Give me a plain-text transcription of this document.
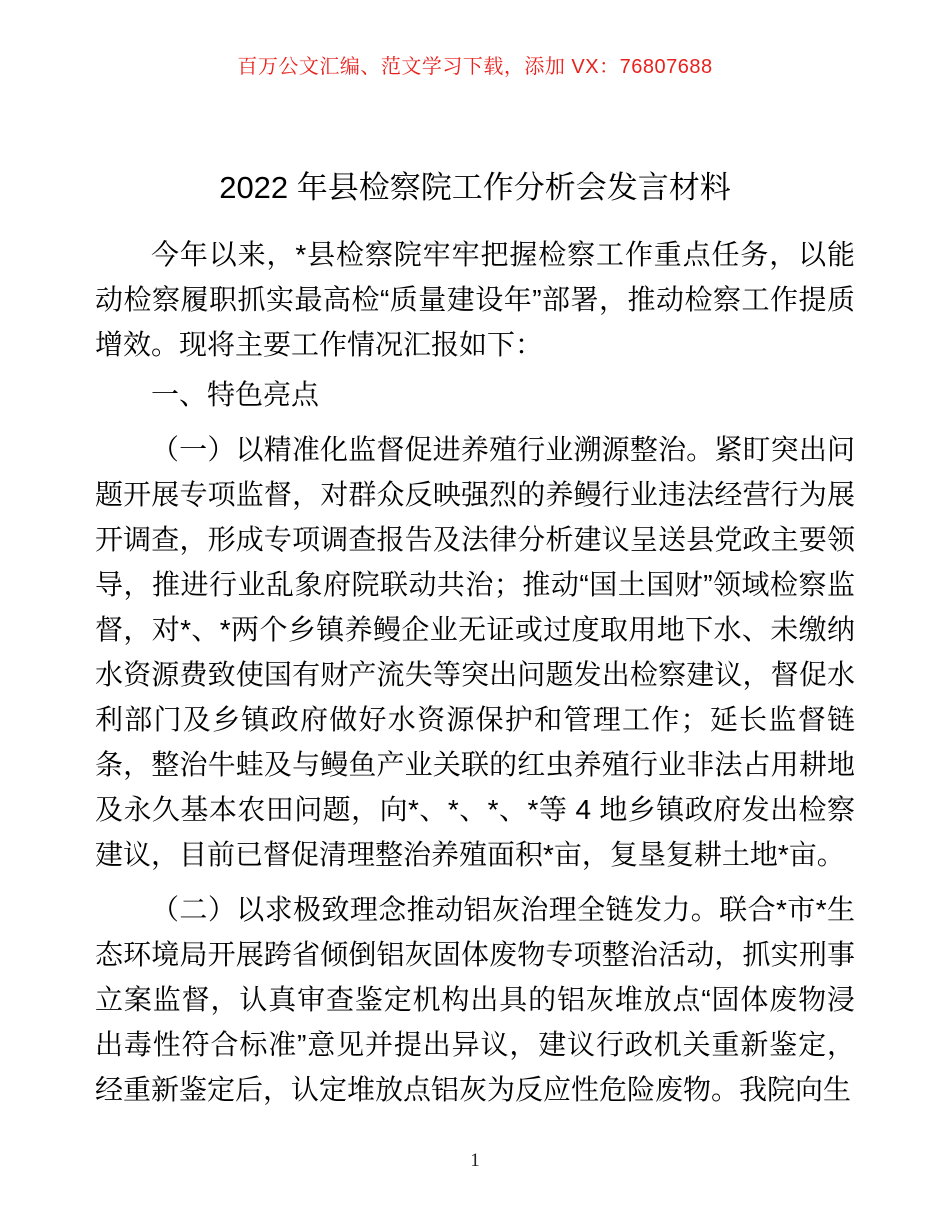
百万公文汇编、范文学习下载，添加 VX：76807688
2022 年县检察院工作分析会发言材料

今年以来，*县检察院牢牢把握检察工作重点任务，以能动检察履职抓实最高检“质量建设年”部署，推动检察工作提质增效。现将主要工作情况汇报如下：

一、特色亮点

（一）以精准化监督促进养殖行业溯源整治。紧盯突出问题开展专项监督，对群众反映强烈的养鳗行业违法经营行为展开调查，形成专项调查报告及法律分析建议呈送县党政主要领导，推进行业乱象府院联动共治；推动“国土国财”领域检察监督，对*、*两个乡镇养鳗企业无证或过度取用地下水、未缴纳水资源费致使国有财产流失等突出问题发出检察建议，督促水利部门及乡镇政府做好水资源保护和管理工作；延长监督链条，整治牛蛙及与鳗鱼产业关联的红虫养殖行业非法占用耕地及永久基本农田问题，向*、*、*、*等 4 地乡镇政府发出检察建议，目前已督促清理整治养殖面积*亩，复垦复耕土地*亩。

（二）以求极致理念推动铝灰治理全链发力。联合*市*生态环境局开展跨省倾倒铝灰固体废物专项整治活动，抓实刑事立案监督，认真审查鉴定机构出具的铝灰堆放点“固体废物浸出毒性符合标准”意见并提出异议，建议行政机关重新鉴定，经重新鉴定后，认定堆放点铝灰为反应性危险废物。我院向生

1
